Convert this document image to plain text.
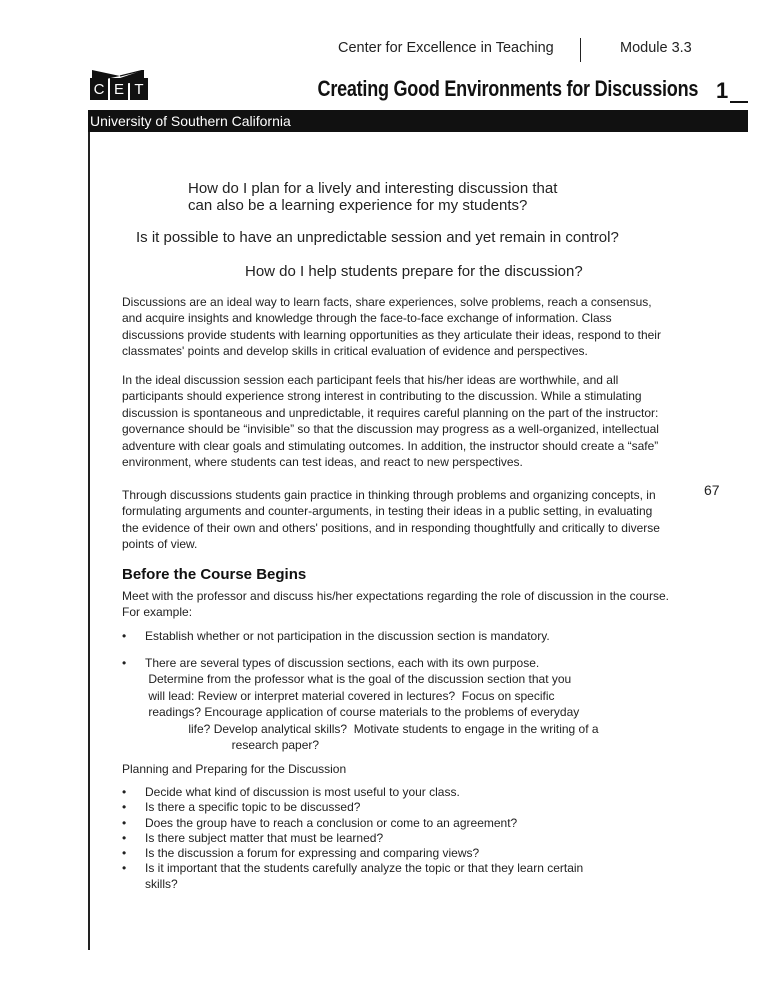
Center for Excellence in Teaching	Module 3.3
C E T	Creating Good Environments for Discussions 1
University of Southern California
How do I plan for a lively and interesting discussion that
can also be a learning experience for my students?
Is it possible to have an unpredictable session and yet remain in control?
How do I help students prepare for the discussion?
Discussions are an ideal way to learn facts, share experiences, solve problems, reach a consensus, and acquire insights and knowledge through the face-to-face exchange of information. Class discussions provide students with learning opportunities as they articulate their ideas, respond to their classmates' points and develop skills in critical evaluation of evidence and perspectives.
In the ideal discussion session each participant feels that his/her ideas are worthwhile, and all participants should experience strong interest in contributing to the discussion. While a stimulating discussion is spontaneous and unpredictable, it requires careful planning on the part of the instructor: governance should be “invisible” so that the discussion may progress as a well-organized, intellectual adventure with clear goals and stimulating outcomes. In addition, the instructor should create a “safe” environment, where students can test ideas, and react to new perspectives.
Through discussions students gain practice in thinking through problems and organizing concepts, in formulating arguments and counter-arguments, in testing their ideas in a public setting, in evaluating the evidence of their own and others' positions, and in responding thoughtfully and critically to diverse points of view.
67
Before the Course Begins
Meet with the professor and discuss his/her expectations regarding the role of discussion in the course. For example:
• Establish whether or not participation in the discussion section is mandatory.
• There are several types of discussion sections, each with its own purpose.
Determine from the professor what is the goal of the discussion section that you
will lead: Review or interpret material covered in lectures?  Focus on specific
readings? Encourage application of course materials to the problems of everyday
life? Develop analytical skills?  Motivate students to engage in the writing of a
research paper?
Planning and Preparing for the Discussion
• Decide what kind of discussion is most useful to your class.
• Is there a specific topic to be discussed?
• Does the group have to reach a conclusion or come to an agreement?
• Is there subject matter that must be learned?
• Is the discussion a forum for expressing and comparing views?
• Is it important that the students carefully analyze the topic or that they learn certain
skills?
